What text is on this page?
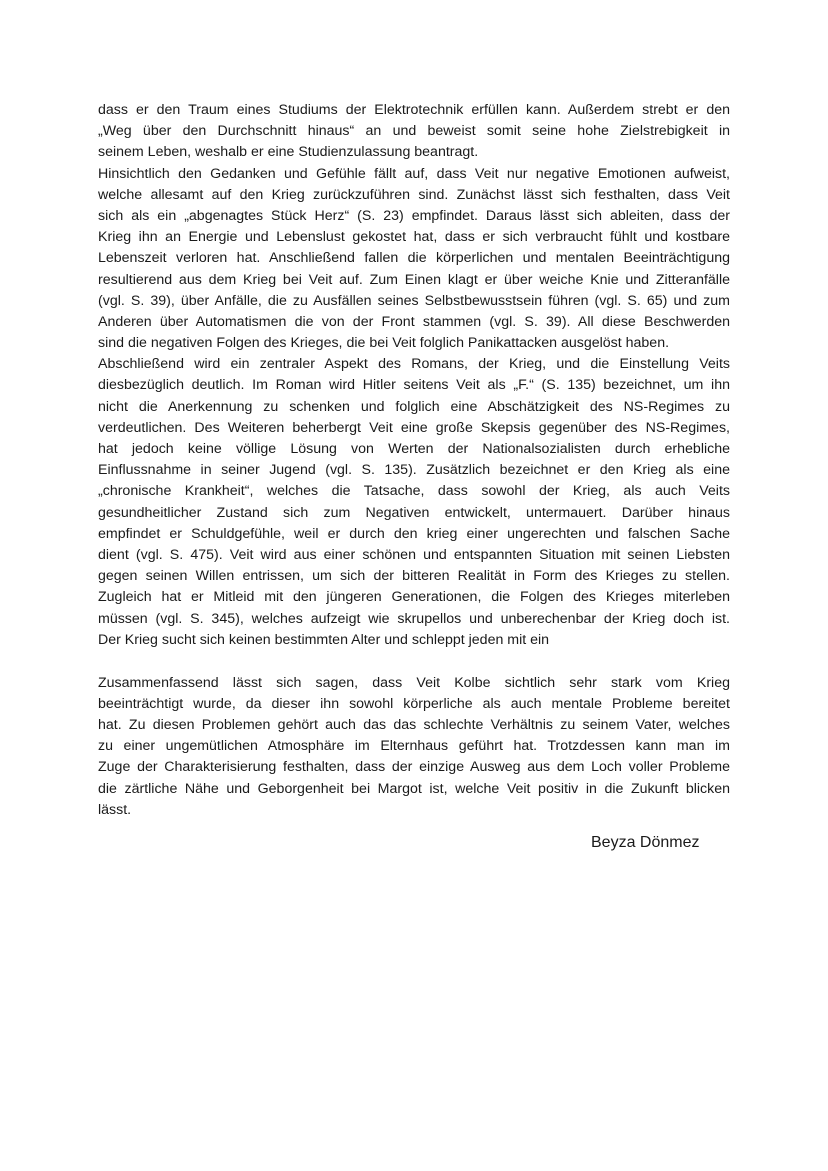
dass er den Traum eines Studiums der Elektrotechnik erfüllen kann. Außerdem strebt er den
„Weg über den Durchschnitt hinaus“ an und beweist somit seine hohe Zielstrebigkeit in
seinem Leben, weshalb er eine Studienzulassung beantragt.
Hinsichtlich den Gedanken und Gefühle fällt auf, dass Veit nur negative Emotionen aufweist,
welche allesamt auf den Krieg zurückzuführen sind. Zunächst lässt sich festhalten, dass Veit
sich als ein „abgenagtes Stück Herz“ (S. 23) empfindet. Daraus lässt sich ableiten, dass der
Krieg ihn an Energie und Lebenslust gekostet hat, dass er sich verbraucht fühlt und kostbare
Lebenszeit verloren hat. Anschließend fallen die körperlichen und mentalen Beeinträchtigung
resultierend aus dem Krieg bei Veit auf. Zum Einen klagt er über weiche Knie und Zitteranfälle
(vgl. S. 39), über Anfälle, die zu Ausfällen seines Selbstbewusstsein führen (vgl. S. 65) und zum
Anderen über Automatismen die von der Front stammen (vgl. S. 39). All diese Beschwerden
sind die negativen Folgen des Krieges, die bei Veit folglich Panikattacken ausgelöst haben.
Abschließend wird ein zentraler Aspekt des Romans, der Krieg, und die Einstellung Veits
diesbezüglich deutlich. Im Roman wird Hitler seitens Veit als „F.“ (S. 135) bezeichnet, um ihn
nicht die Anerkennung zu schenken und folglich eine Abschätzigkeit des NS-Regimes zu
verdeutlichen. Des Weiteren beherbergt Veit eine große Skepsis gegenüber des NS-Regimes,
hat jedoch keine völlige Lösung von Werten der Nationalsozialisten durch erhebliche
Einflussnahme in seiner Jugend (vgl. S. 135). Zusätzlich bezeichnet er den Krieg als eine
„chronische Krankheit“, welches die Tatsache, dass sowohl der Krieg, als auch Veits
gesundheitlicher Zustand sich zum Negativen entwickelt, untermauert. Darüber hinaus
empfindet er Schuldgefühle, weil er durch den krieg einer ungerechten und falschen Sache
dient (vgl. S. 475). Veit wird aus einer schönen und entspannten Situation mit seinen Liebsten
gegen seinen Willen entrissen, um sich der bitteren Realität in Form des Krieges zu stellen.
Zugleich hat er Mitleid mit den jüngeren Generationen, die Folgen des Krieges miterleben
müssen (vgl. S. 345), welches aufzeigt wie skrupellos und unberechenbar der Krieg doch ist.
Der Krieg sucht sich keinen bestimmten Alter und schleppt jeden mit ein
Zusammenfassend lässt sich sagen, dass Veit Kolbe sichtlich sehr stark vom Krieg
beeinträchtigt wurde, da dieser ihn sowohl körperliche als auch mentale Probleme bereitet
hat. Zu diesen Problemen gehört auch das das schlechte Verhältnis zu seinem Vater, welches
zu einer ungemütlichen Atmosphäre im Elternhaus geführt hat. Trotzdessen kann man im
Zuge der Charakterisierung festhalten, dass der einzige Ausweg aus dem Loch voller Probleme
die zärtliche Nähe und Geborgenheit bei Margot ist, welche Veit positiv in die Zukunft blicken
lässt.
Beyza Dönmez
